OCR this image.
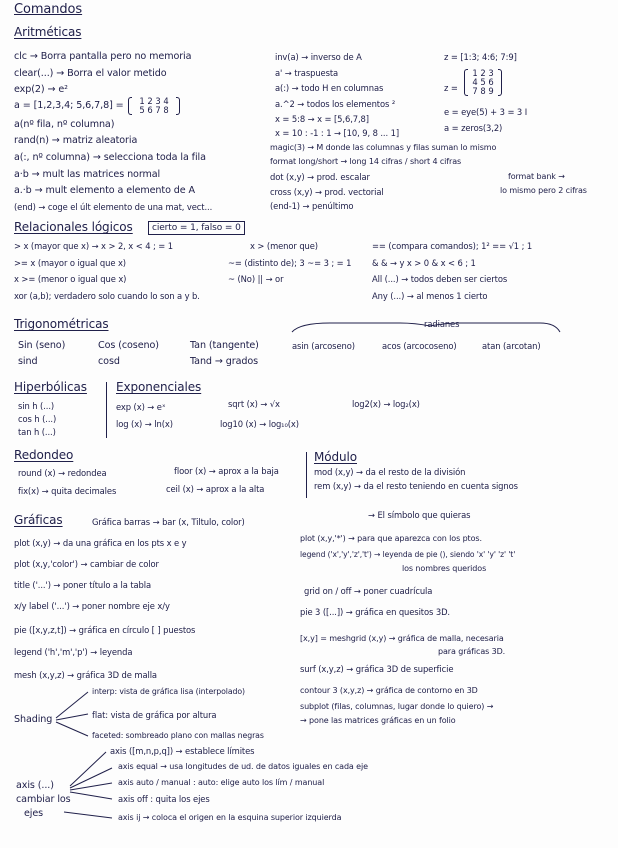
Comandos
Aritméticas
clc → Borra pantalla pero no memoria
clear(...) → Borra el valor metido
exp(2) → e²
a = [1,2,3,4; 5,6,7,8] =	1 2 3 4
5 6 7 8
a(nº fila, nº columna)
rand(n) → matriz aleatoria
a(:, nº columna) → selecciona toda la fila
a·b → mult las matrices normal
a.·b → mult elemento a elemento de A
(end) → coge el últ elemento de una mat, vect...
inv(a) → inverso de A
a' → traspuesta
a(:) → todo H en columnas
a.^2 → todos los elementos ²
x = 5:8 → x = [5,6,7,8]
x = 10 : -1 : 1 → [10, 9, 8 ... 1]
magic(3) → M donde las columnas y filas suman lo mismo
format long/short → long 14 cifras / short 4 cifras
dot (x,y) → prod. escalar
cross (x,y) → prod. vectorial
(end-1) → penúltimo
z = [1:3; 4:6; 7:9]
z =
1 2 3
4 5 6
7 8 9
e = eye(5) + 3 = 3 I
a = zeros(3,2)
format bank →
lo mismo pero 2 cifras
Relacionales lógicos	cierto = 1, falso = 0
> x (mayor que x) → x > 2, x < 4 ; = 1
>= x (mayor o igual que x)
x >= (menor o igual que x)
xor (a,b); verdadero solo cuando lo son a y b.
x > (menor que)
~= (distinto de); 3 ~= 3 ; = 1
~ (No) || → or
== (compara comandos); 1² == √1 ; 1
& & → y x > 0 & x < 6 ; 1
All (...) → todos deben ser ciertos
Any (...) → al menos 1 cierto
Trigonométricas	radianes
Sin (seno)	Cos (coseno)	Tan (tangente)	asin (arcoseno)	acos (arcocoseno)	atan (arcotan)
sind	cosd	Tand → grados
Hiperbólicas
sin h (...)
cos h (...)
tan h (...)
Exponenciales
exp (x) → eˣ	sqrt (x) → √x	log2(x) → log₂(x)
log (x) → ln(x)	log10 (x) → log₁₀(x)
Redondeo
round (x) → redondea
fix(x) → quita decimales
floor (x) → aprox a la baja
ceil (x) → aprox a la alta
Módulo
mod (x,y) → da el resto de la división
rem (x,y) → da el resto teniendo en cuenta signos
Gráficas	Gráfica barras → bar (x, Tiltulo, color)
→ El símbolo que quieras
plot (x,y) → da una gráfica en los pts x e y
plot (x,y,'color') → cambiar de color
title ('...') → poner título a la tabla
x/y label ('...') → poner nombre eje x/y
pie ([x,y,z,t]) → gráfica en círculo [ ] puestos
legend ('h','m','p') → leyenda
mesh (x,y,z) → gráfica 3D de malla
plot (x,y,'*') → para que aparezca con los ptos.
legend ('x','y','z','t') → leyenda de pie (), siendo 'x' 'y' 'z' 't'
los nombres queridos
grid on / off → poner cuadrícula
pie 3 ([...]) → gráfica en quesitos 3D.
[x,y] = meshgrid (x,y) → gráfica de malla, necesaria
para gráficas 3D.
surf (x,y,z) → gráfica 3D de superficie
contour 3 (x,y,z) → gráfica de contorno en 3D
subplot (filas, columnas, lugar donde lo quiero) →
→ pone las matrices gráficas en un folio
Shading
interp: vista de gráfica lisa (interpolado)
flat: vista de gráfica por altura
faceted: sombreado plano con mallas negras
axis (...)
cambiar los
ejes
axis ([m,n,p,q]) → establece límites
axis equal → usa longitudes de ud. de datos iguales en cada eje
axis auto / manual : auto: elige auto los lím / manual
axis off : quita los ejes
axis ij → coloca el origen en la esquina superior izquierda
